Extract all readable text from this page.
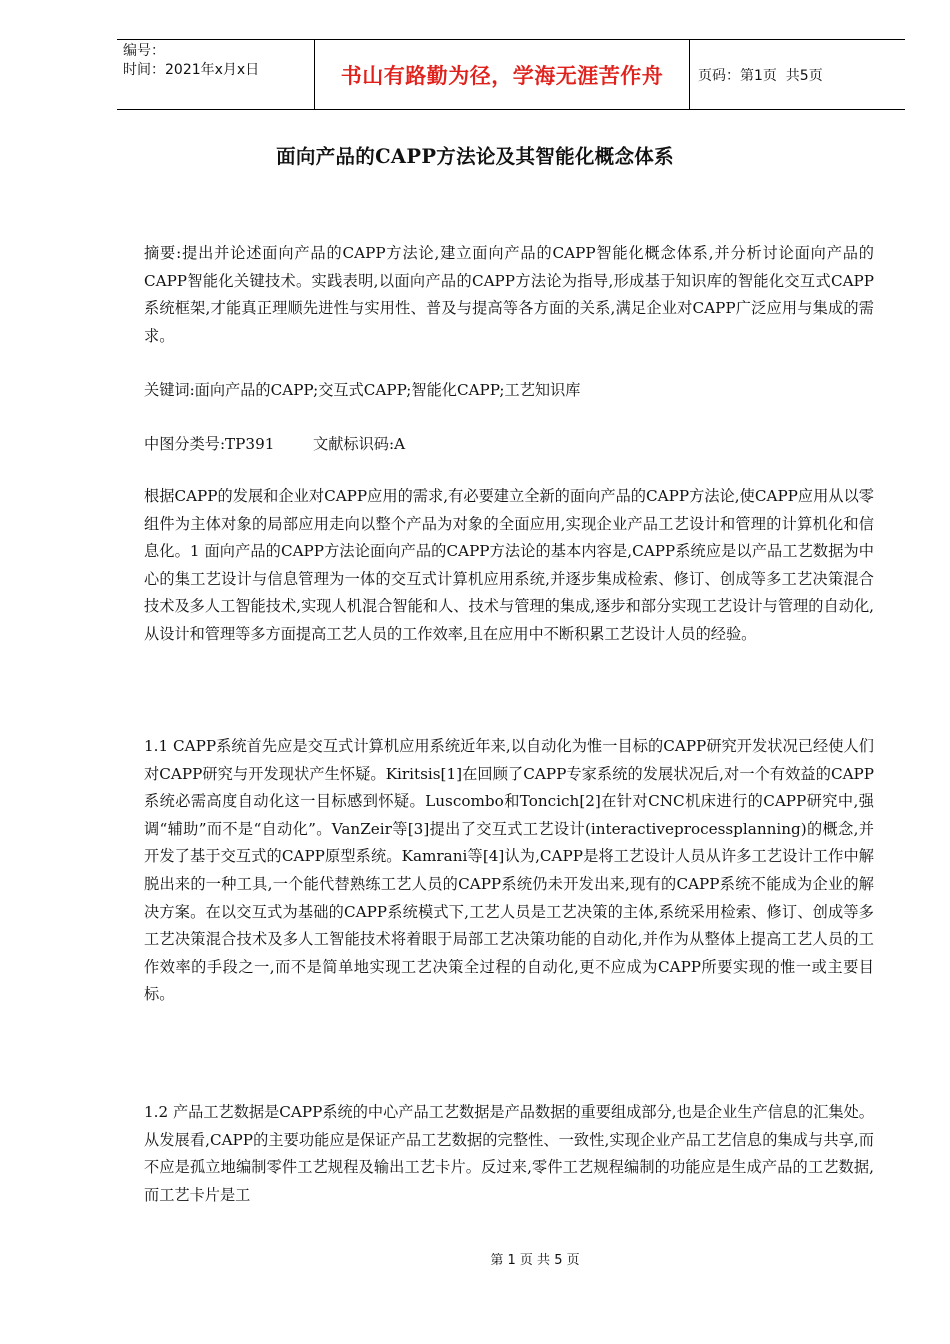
编号：
时间：2021年x月x日	书山有路勤为径，学海无涯苦作舟	页码：第1页  共5页
面向产品的CAPP方法论及其智能化概念体系

摘要:提出并论述面向产品的CAPP方法论,建立面向产品的CAPP智能化概念体系,并分析讨论面向产品的CAPP智能化关键技术。实践表明,以面向产品的CAPP方法论为指导,形成基于知识库的智能化交互式CAPP系统框架,才能真正理顺先进性与实用性、普及与提高等各方面的关系,满足企业对CAPP广泛应用与集成的需求。

关键词:面向产品的CAPP;交互式CAPP;智能化CAPP;工艺知识库

中图分类号:TP391        文献标识码:A

根据CAPP的发展和企业对CAPP应用的需求,有必要建立全新的面向产品的CAPP方法论,使CAPP应用从以零组件为主体对象的局部应用走向以整个产品为对象的全面应用,实现企业产品工艺设计和管理的计算机化和信息化。1 面向产品的CAPP方法论面向产品的CAPP方法论的基本内容是,CAPP系统应是以产品工艺数据为中心的集工艺设计与信息管理为一体的交互式计算机应用系统,并逐步集成检索、修订、创成等多工艺决策混合技术及多人工智能技术,实现人机混合智能和人、技术与管理的集成,逐步和部分实现工艺设计与管理的自动化,从设计和管理等多方面提高工艺人员的工作效率,且在应用中不断积累工艺设计人员的经验。

1.1 CAPP系统首先应是交互式计算机应用系统近年来,以自动化为惟一目标的CAPP研究开发状况已经使人们对CAPP研究与开发现状产生怀疑。Kiritsis[1]在回顾了CAPP专家系统的发展状况后,对一个有效益的CAPP系统必需高度自动化这一目标感到怀疑。Luscombo和Toncich[2]在针对CNC机床进行的CAPP研究中,强调“辅助”而不是“自动化”。VanZeir等[3]提出了交互式工艺设计(interactiveprocessplanning)的概念,并开发了基于交互式的CAPP原型系统。Kamrani等[4]认为,CAPP是将工艺设计人员从许多工艺设计工作中解脱出来的一种工具,一个能代替熟练工艺人员的CAPP系统仍未开发出来,现有的CAPP系统不能成为企业的解决方案。在以交互式为基础的CAPP系统模式下,工艺人员是工艺决策的主体,系统采用检索、修订、创成等多工艺决策混合技术及多人工智能技术将着眼于局部工艺决策功能的自动化,并作为从整体上提高工艺人员的工作效率的手段之一,而不是简单地实现工艺决策全过程的自动化,更不应成为CAPP所要实现的惟一或主要目标。

1.2 产品工艺数据是CAPP系统的中心产品工艺数据是产品数据的重要组成部分,也是企业生产信息的汇集处。从发展看,CAPP的主要功能应是保证产品工艺数据的完整性、一致性,实现企业产品工艺信息的集成与共享,而不应是孤立地编制零件工艺规程及输出工艺卡片。反过来,零件工艺规程编制的功能应是生成产品的工艺数据,而工艺卡片是工

第 1 页 共 5 页
